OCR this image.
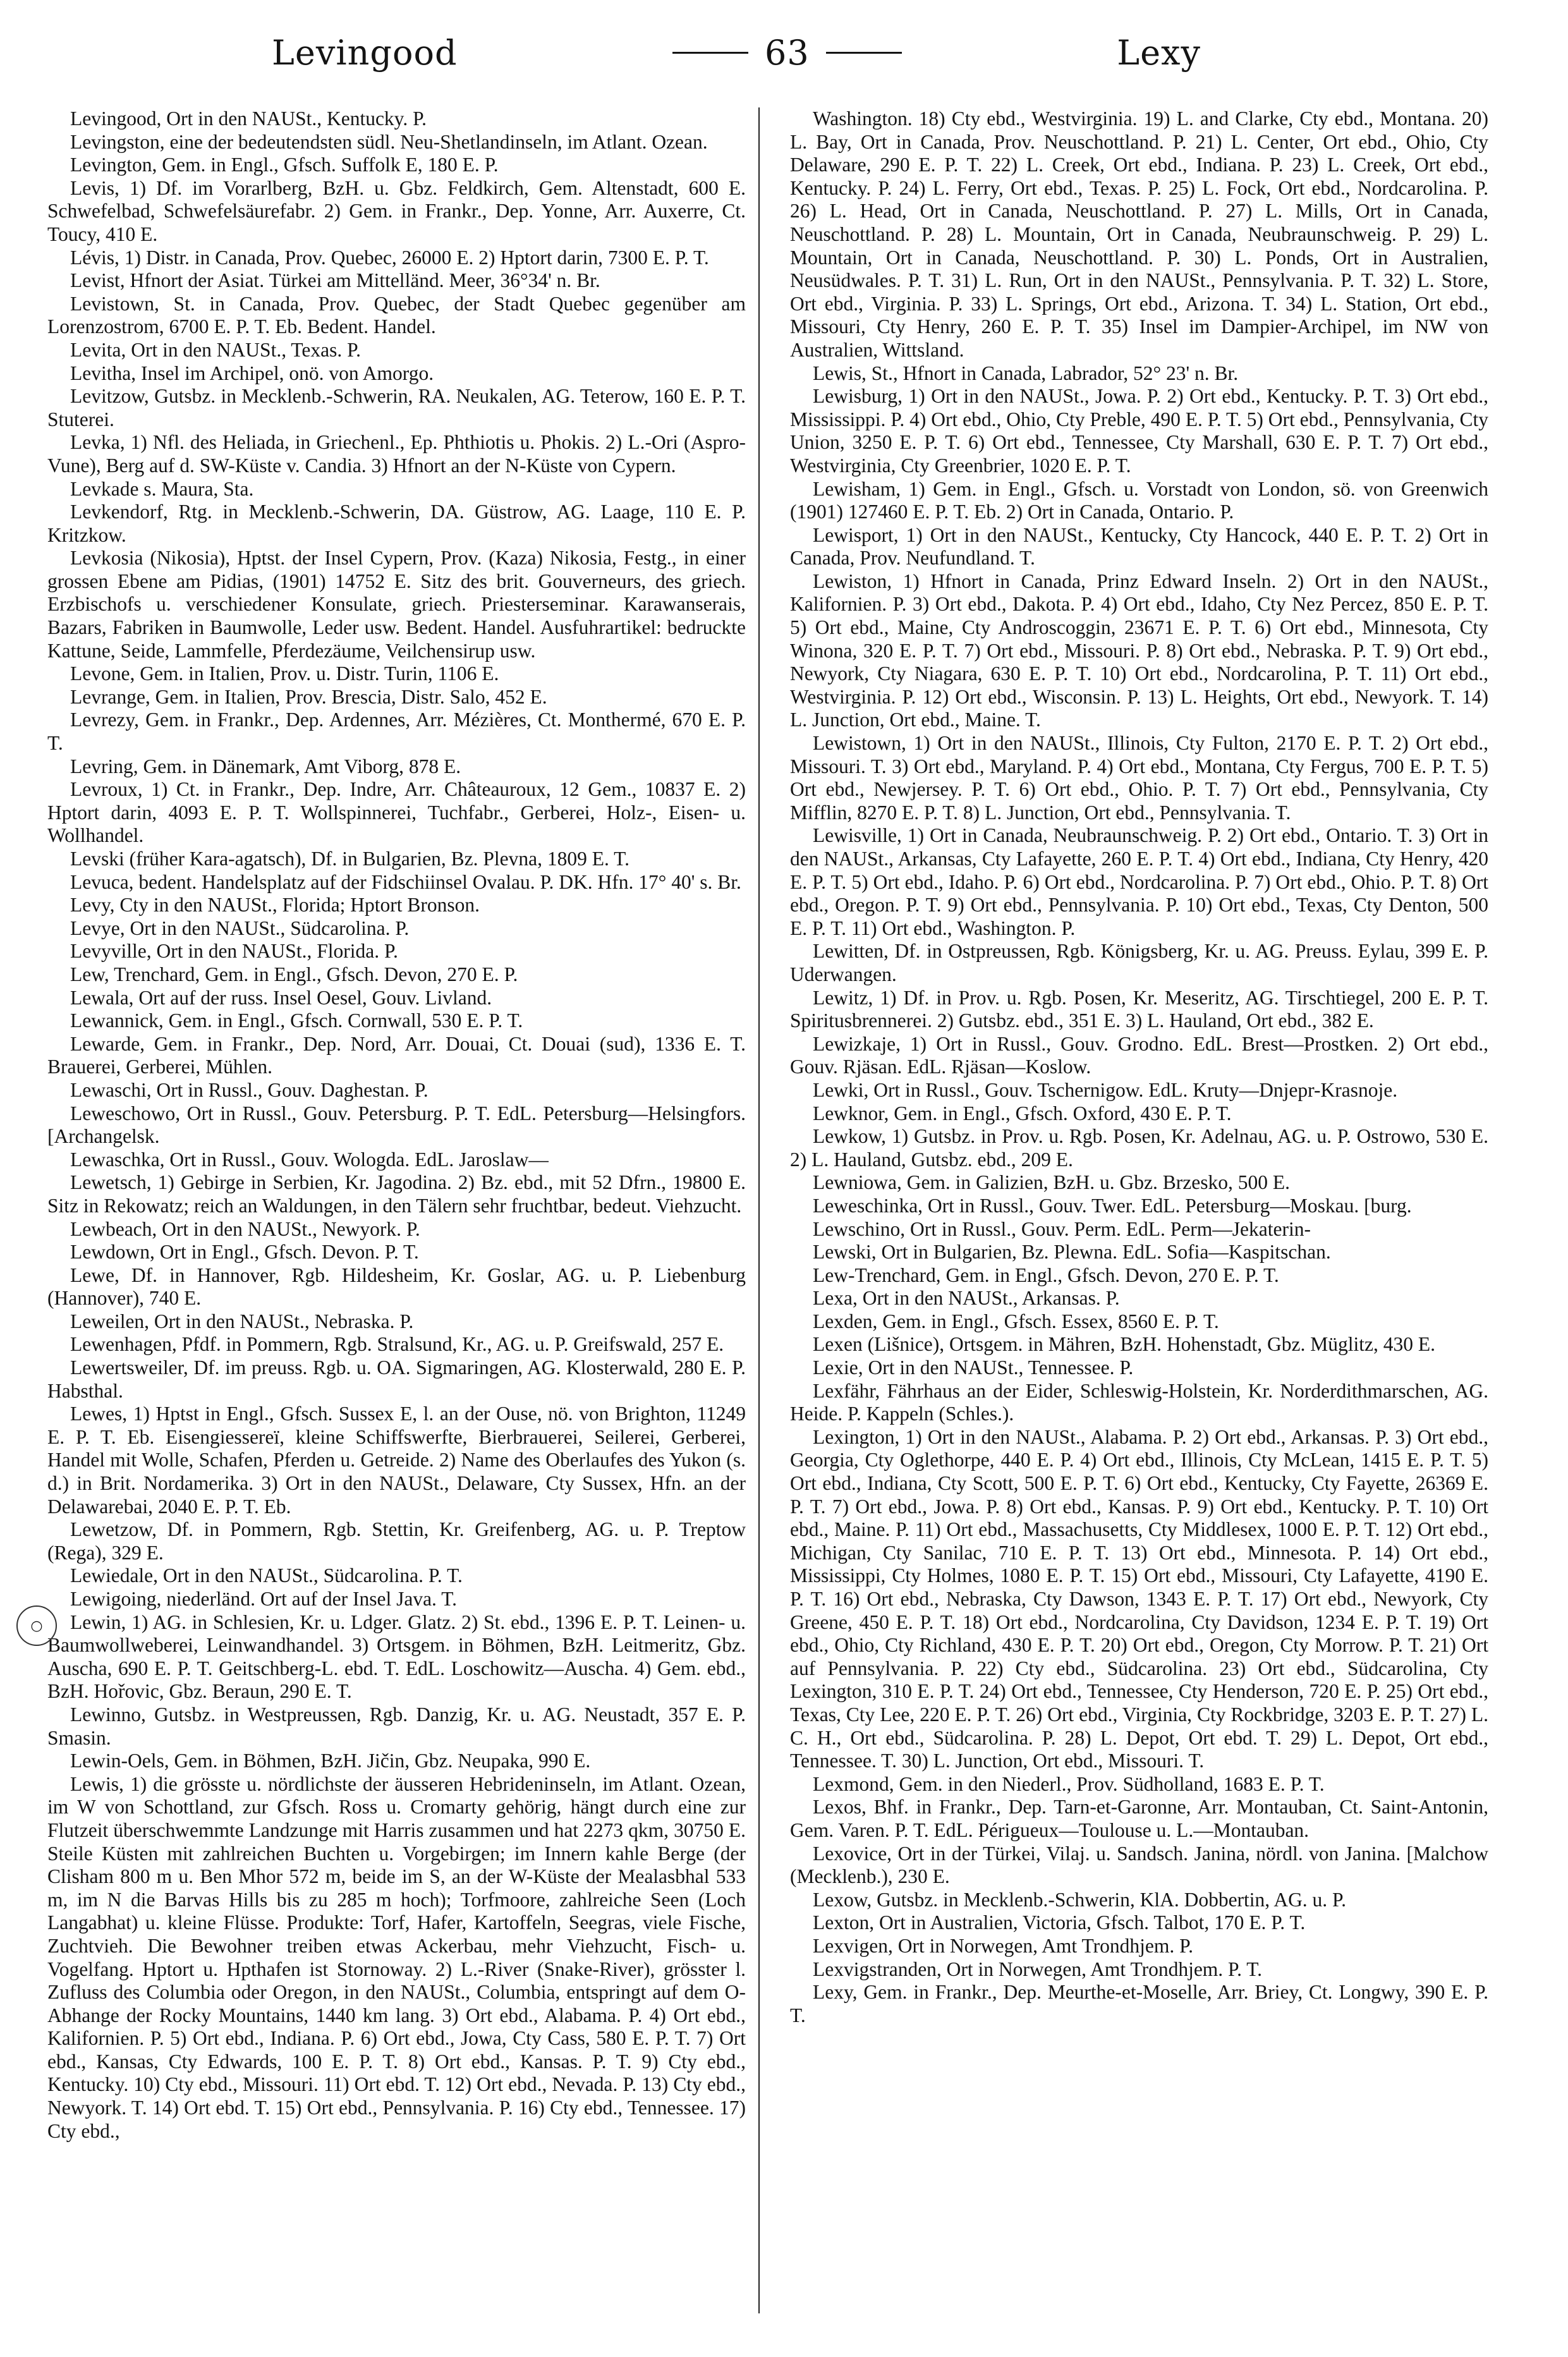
Levingood	63	Lexy

Levingood, Ort in den NAUSt., Kentucky. P.

Levingston, eine der bedeutendsten südl. Neu-Shetlandinseln, im Atlant. Ozean.

Levington, Gem. in Engl., Gfsch. Suffolk E, 180 E. P.

Levis, 1) Df. im Vorarlberg, BzH. u. Gbz. Feldkirch, Gem. Altenstadt, 600 E. Schwefelbad, Schwefelsäurefabr. 2) Gem. in Frankr., Dep. Yonne, Arr. Auxerre, Ct. Toucy, 410 E.

Lévis, 1) Distr. in Canada, Prov. Quebec, 26000 E. 2) Hptort darin, 7300 E. P. T.

Levist, Hfnort der Asiat. Türkei am Mittelländ. Meer, 36°34' n. Br.

Levistown, St. in Canada, Prov. Quebec, der Stadt Quebec gegenüber am Lorenzostrom, 6700 E. P. T. Eb. Bedent. Handel.

Levita, Ort in den NAUSt., Texas. P.

Levitha, Insel im Archipel, onö. von Amorgo.

Levitzow, Gutsbz. in Mecklenb.-Schwerin, RA. Neukalen, AG. Teterow, 160 E. P. T. Stuterei.

Levka, 1) Nfl. des Heliada, in Griechenl., Ep. Phthiotis u. Phokis. 2) L.-Ori (Aspro-Vune), Berg auf d. SW-Küste v. Candia. 3) Hfnort an der N-Küste von Cypern.

Levkade s. Maura, Sta.

Levkendorf, Rtg. in Mecklenb.-Schwerin, DA. Güstrow, AG. Laage, 110 E. P. Kritzkow.

Levkosia (Nikosia), Hptst. der Insel Cypern, Prov. (Kaza) Nikosia, Festg., in einer grossen Ebene am Pidias, (1901) 14752 E. Sitz des brit. Gouverneurs, des griech. Erzbischofs u. verschiedener Konsulate, griech. Priesterseminar. Karawanserais, Bazars, Fabriken in Baumwolle, Leder usw. Bedent. Handel. Ausfuhrartikel: bedruckte Kattune, Seide, Lammfelle, Pferdezäume, Veilchensirup usw.

Levone, Gem. in Italien, Prov. u. Distr. Turin, 1106 E.

Levrange, Gem. in Italien, Prov. Brescia, Distr. Salo, 452 E.

Levrezy, Gem. in Frankr., Dep. Ardennes, Arr. Mézières, Ct. Monthermé, 670 E. P. T.

Levring, Gem. in Dänemark, Amt Viborg, 878 E.

Levroux, 1) Ct. in Frankr., Dep. Indre, Arr. Châteauroux, 12 Gem., 10837 E. 2) Hptort darin, 4093 E. P. T. Wollspinnerei, Tuchfabr., Gerberei, Holz-, Eisen- u. Wollhandel.

Levski (früher Kara-agatsch), Df. in Bulgarien, Bz. Plevna, 1809 E. T.

Levuca, bedent. Handelsplatz auf der Fidschiinsel Ovalau. P. DK. Hfn. 17° 40' s. Br.

Levy, Cty in den NAUSt., Florida; Hptort Bronson.

Levye, Ort in den NAUSt., Südcarolina. P.

Levyville, Ort in den NAUSt., Florida. P.

Lew, Trenchard, Gem. in Engl., Gfsch. Devon, 270 E. P.

Lewala, Ort auf der russ. Insel Oesel, Gouv. Livland.

Lewannick, Gem. in Engl., Gfsch. Cornwall, 530 E. P. T.

Lewarde, Gem. in Frankr., Dep. Nord, Arr. Douai, Ct. Douai (sud), 1336 E. T. Brauerei, Gerberei, Mühlen.

Lewaschi, Ort in Russl., Gouv. Daghestan. P.

Leweschowo, Ort in Russl., Gouv. Petersburg. P. T. EdL. Petersburg—Helsingfors. [Archangelsk.

Lewaschka, Ort in Russl., Gouv. Wologda. EdL. Jaroslaw—

Lewetsch, 1) Gebirge in Serbien, Kr. Jagodina. 2) Bz. ebd., mit 52 Dfrn., 19800 E. Sitz in Rekowatz; reich an Waldungen, in den Tälern sehr fruchtbar, bedeut. Viehzucht.

Lewbeach, Ort in den NAUSt., Newyork. P.

Lewdown, Ort in Engl., Gfsch. Devon. P. T.

Lewe, Df. in Hannover, Rgb. Hildesheim, Kr. Goslar, AG. u. P. Liebenburg (Hannover), 740 E.

Leweilen, Ort in den NAUSt., Nebraska. P.

Lewenhagen, Pfdf. in Pommern, Rgb. Stralsund, Kr., AG. u. P. Greifswald, 257 E.

Lewertsweiler, Df. im preuss. Rgb. u. OA. Sigmaringen, AG. Klosterwald, 280 E. P. Habsthal.

Lewes, 1) Hptst in Engl., Gfsch. Sussex E, l. an der Ouse, nö. von Brighton, 11249 E. P. T. Eb. Eisengiessereï, kleine Schiffswerfte, Bierbrauerei, Seilerei, Gerberei, Handel mit Wolle, Schafen, Pferden u. Getreide. 2) Name des Oberlaufes des Yukon (s. d.) in Brit. Nordamerika. 3) Ort in den NAUSt., Delaware, Cty Sussex, Hfn. an der Delawarebai, 2040 E. P. T. Eb.

Lewetzow, Df. in Pommern, Rgb. Stettin, Kr. Greifenberg, AG. u. P. Treptow (Rega), 329 E.

Lewiedale, Ort in den NAUSt., Südcarolina. P. T.

Lewigoing, niederländ. Ort auf der Insel Java. T.

Lewin, 1) AG. in Schlesien, Kr. u. Ldger. Glatz. 2) St. ebd., 1396 E. P. T. Leinen- u. Baumwollweberei, Leinwandhandel. 3) Ortsgem. in Böhmen, BzH. Leitmeritz, Gbz. Auscha, 690 E. P. T. Geitschberg-L. ebd. T. EdL. Loschowitz—Auscha. 4) Gem. ebd., BzH. Hořovic, Gbz. Beraun, 290 E. T.

Lewinno, Gutsbz. in Westpreussen, Rgb. Danzig, Kr. u. AG. Neustadt, 357 E. P. Smasin.

Lewin-Oels, Gem. in Böhmen, BzH. Jičin, Gbz. Neupaka, 990 E.

Lewis, 1) die grösste u. nördlichste der äusseren Hebrideninseln, im Atlant. Ozean, im W von Schottland, zur Gfsch. Ross u. Cromarty gehörig, hängt durch eine zur Flutzeit überschwemmte Landzunge mit Harris zusammen und hat 2273 qkm, 30750 E. Steile Küsten mit zahlreichen Buchten u. Vorgebirgen; im Innern kahle Berge (der Clisham 800 m u. Ben Mhor 572 m, beide im S, an der W-Küste der Mealasbhal 533 m, im N die Barvas Hills bis zu 285 m hoch); Torfmoore, zahlreiche Seen (Loch Langabhat) u. kleine Flüsse. Produkte: Torf, Hafer, Kartoffeln, Seegras, viele Fische, Zuchtvieh. Die Bewohner treiben etwas Ackerbau, mehr Viehzucht, Fisch- u. Vogelfang. Hptort u. Hpthafen ist Stornoway. 2) L.-River (Snake-River), grösster l. Zufluss des Columbia oder Oregon, in den NAUSt., Columbia, entspringt auf dem O-Abhange der Rocky Mountains, 1440 km lang. 3) Ort ebd., Alabama. P. 4) Ort ebd., Kalifornien. P. 5) Ort ebd., Indiana. P. 6) Ort ebd., Jowa, Cty Cass, 580 E. P. T. 7) Ort ebd., Kansas, Cty Edwards, 100 E. P. T. 8) Ort ebd., Kansas. P. T. 9) Cty ebd., Kentucky. 10) Cty ebd., Missouri. 11) Ort ebd. T. 12) Ort ebd., Nevada. P. 13) Cty ebd., Newyork. T. 14) Ort ebd. T. 15) Ort ebd., Pennsylvania. P. 16) Cty ebd., Tennessee. 17) Cty ebd.,

Washington. 18) Cty ebd., Westvirginia. 19) L. and Clarke, Cty ebd., Montana. 20) L. Bay, Ort in Canada, Prov. Neuschottland. P. 21) L. Center, Ort ebd., Ohio, Cty Delaware, 290 E. P. T. 22) L. Creek, Ort ebd., Indiana. P. 23) L. Creek, Ort ebd., Kentucky. P. 24) L. Ferry, Ort ebd., Texas. P. 25) L. Fock, Ort ebd., Nordcarolina. P. 26) L. Head, Ort in Canada, Neuschottland. P. 27) L. Mills, Ort in Canada, Neuschottland. P. 28) L. Mountain, Ort in Canada, Neubraunschweig. P. 29) L. Mountain, Ort in Canada, Neuschottland. P. 30) L. Ponds, Ort in Australien, Neusüdwales. P. T. 31) L. Run, Ort in den NAUSt., Pennsylvania. P. T. 32) L. Store, Ort ebd., Virginia. P. 33) L. Springs, Ort ebd., Arizona. T. 34) L. Station, Ort ebd., Missouri, Cty Henry, 260 E. P. T. 35) Insel im Dampier-Archipel, im NW von Australien, Wittsland.

Lewis, St., Hfnort in Canada, Labrador, 52° 23' n. Br.

Lewisburg, 1) Ort in den NAUSt., Jowa. P. 2) Ort ebd., Kentucky. P. T. 3) Ort ebd., Mississippi. P. 4) Ort ebd., Ohio, Cty Preble, 490 E. P. T. 5) Ort ebd., Pennsylvania, Cty Union, 3250 E. P. T. 6) Ort ebd., Tennessee, Cty Marshall, 630 E. P. T. 7) Ort ebd., Westvirginia, Cty Greenbrier, 1020 E. P. T.

Lewisham, 1) Gem. in Engl., Gfsch. u. Vorstadt von London, sö. von Greenwich (1901) 127460 E. P. T. Eb. 2) Ort in Canada, Ontario. P.

Lewisport, 1) Ort in den NAUSt., Kentucky, Cty Hancock, 440 E. P. T. 2) Ort in Canada, Prov. Neufundland. T.

Lewiston, 1) Hfnort in Canada, Prinz Edward Inseln. 2) Ort in den NAUSt., Kalifornien. P. 3) Ort ebd., Dakota. P. 4) Ort ebd., Idaho, Cty Nez Percez, 850 E. P. T. 5) Ort ebd., Maine, Cty Androscoggin, 23671 E. P. T. 6) Ort ebd., Minnesota, Cty Winona, 320 E. P. T. 7) Ort ebd., Missouri. P. 8) Ort ebd., Nebraska. P. T. 9) Ort ebd., Newyork, Cty Niagara, 630 E. P. T. 10) Ort ebd., Nordcarolina, P. T. 11) Ort ebd., Westvirginia. P. 12) Ort ebd., Wisconsin. P. 13) L. Heights, Ort ebd., Newyork. T. 14) L. Junction, Ort ebd., Maine. T.

Lewistown, 1) Ort in den NAUSt., Illinois, Cty Fulton, 2170 E. P. T. 2) Ort ebd., Missouri. T. 3) Ort ebd., Maryland. P. 4) Ort ebd., Montana, Cty Fergus, 700 E. P. T. 5) Ort ebd., Newjersey. P. T. 6) Ort ebd., Ohio. P. T. 7) Ort ebd., Pennsylvania, Cty Mifflin, 8270 E. P. T. 8) L. Junction, Ort ebd., Pennsylvania. T.

Lewisville, 1) Ort in Canada, Neubraunschweig. P. 2) Ort ebd., Ontario. T. 3) Ort in den NAUSt., Arkansas, Cty Lafayette, 260 E. P. T. 4) Ort ebd., Indiana, Cty Henry, 420 E. P. T. 5) Ort ebd., Idaho. P. 6) Ort ebd., Nordcarolina. P. 7) Ort ebd., Ohio. P. T. 8) Ort ebd., Oregon. P. T. 9) Ort ebd., Pennsylvania. P. 10) Ort ebd., Texas, Cty Denton, 500 E. P. T. 11) Ort ebd., Washington. P.

Lewitten, Df. in Ostpreussen, Rgb. Königsberg, Kr. u. AG. Preuss. Eylau, 399 E. P. Uderwangen.

Lewitz, 1) Df. in Prov. u. Rgb. Posen, Kr. Meseritz, AG. Tirschtiegel, 200 E. P. T. Spiritusbrennerei. 2) Gutsbz. ebd., 351 E. 3) L. Hauland, Ort ebd., 382 E.

Lewizkaje, 1) Ort in Russl., Gouv. Grodno. EdL. Brest—Prostken. 2) Ort ebd., Gouv. Rjäsan. EdL. Rjäsan—Koslow.

Lewki, Ort in Russl., Gouv. Tschernigow. EdL. Kruty—Dnjepr-Krasnoje.

Lewknor, Gem. in Engl., Gfsch. Oxford, 430 E. P. T.

Lewkow, 1) Gutsbz. in Prov. u. Rgb. Posen, Kr. Adelnau, AG. u. P. Ostrowo, 530 E. 2) L. Hauland, Gutsbz. ebd., 209 E.

Lewniowa, Gem. in Galizien, BzH. u. Gbz. Brzesko, 500 E.

Leweschinka, Ort in Russl., Gouv. Twer. EdL. Petersburg—Moskau. [burg.

Lewschino, Ort in Russl., Gouv. Perm. EdL. Perm—Jekaterin-

Lewski, Ort in Bulgarien, Bz. Plewna. EdL. Sofia—Kaspitschan.

Lew-Trenchard, Gem. in Engl., Gfsch. Devon, 270 E. P. T.

Lexa, Ort in den NAUSt., Arkansas. P.

Lexden, Gem. in Engl., Gfsch. Essex, 8560 E. P. T.

Lexen (Lišnice), Ortsgem. in Mähren, BzH. Hohenstadt, Gbz. Müglitz, 430 E.

Lexie, Ort in den NAUSt., Tennessee. P.

Lexfähr, Fährhaus an der Eider, Schleswig-Holstein, Kr. Norderdithmarschen, AG. Heide. P. Kappeln (Schles.).

Lexington, 1) Ort in den NAUSt., Alabama. P. 2) Ort ebd., Arkansas. P. 3) Ort ebd., Georgia, Cty Oglethorpe, 440 E. P. 4) Ort ebd., Illinois, Cty McLean, 1415 E. P. T. 5) Ort ebd., Indiana, Cty Scott, 500 E. P. T. 6) Ort ebd., Kentucky, Cty Fayette, 26369 E. P. T. 7) Ort ebd., Jowa. P. 8) Ort ebd., Kansas. P. 9) Ort ebd., Kentucky. P. T. 10) Ort ebd., Maine. P. 11) Ort ebd., Massachusetts, Cty Middlesex, 1000 E. P. T. 12) Ort ebd., Michigan, Cty Sanilac, 710 E. P. T. 13) Ort ebd., Minnesota. P. 14) Ort ebd., Mississippi, Cty Holmes, 1080 E. P. T. 15) Ort ebd., Missouri, Cty Lafayette, 4190 E. P. T. 16) Ort ebd., Nebraska, Cty Dawson, 1343 E. P. T. 17) Ort ebd., Newyork, Cty Greene, 450 E. P. T. 18) Ort ebd., Nordcarolina, Cty Davidson, 1234 E. P. T. 19) Ort ebd., Ohio, Cty Richland, 430 E. P. T. 20) Ort ebd., Oregon, Cty Morrow. P. T. 21) Ort auf Pennsylvania. P. 22) Cty ebd., Südcarolina. 23) Ort ebd., Südcarolina, Cty Lexington, 310 E. P. T. 24) Ort ebd., Tennessee, Cty Henderson, 720 E. P. 25) Ort ebd., Texas, Cty Lee, 220 E. P. T. 26) Ort ebd., Virginia, Cty Rockbridge, 3203 E. P. T. 27) L. C. H., Ort ebd., Südcarolina. P. 28) L. Depot, Ort ebd. T. 29) L. Depot, Ort ebd., Tennessee. T. 30) L. Junction, Ort ebd., Missouri. T.

Lexmond, Gem. in den Niederl., Prov. Südholland, 1683 E. P. T.

Lexos, Bhf. in Frankr., Dep. Tarn-et-Garonne, Arr. Montauban, Ct. Saint-Antonin, Gem. Varen. P. T. EdL. Périgueux—Toulouse u. L.—Montauban.

Lexovice, Ort in der Türkei, Vilaj. u. Sandsch. Janina, nördl. von Janina. [Malchow (Mecklenb.), 230 E.

Lexow, Gutsbz. in Mecklenb.-Schwerin, KlA. Dobbertin, AG. u. P.

Lexton, Ort in Australien, Victoria, Gfsch. Talbot, 170 E. P. T.

Lexvigen, Ort in Norwegen, Amt Trondhjem. P.

Lexvigstranden, Ort in Norwegen, Amt Trondhjem. P. T.

Lexy, Gem. in Frankr., Dep. Meurthe-et-Moselle, Arr. Briey, Ct. Longwy, 390 E. P. T.

○
